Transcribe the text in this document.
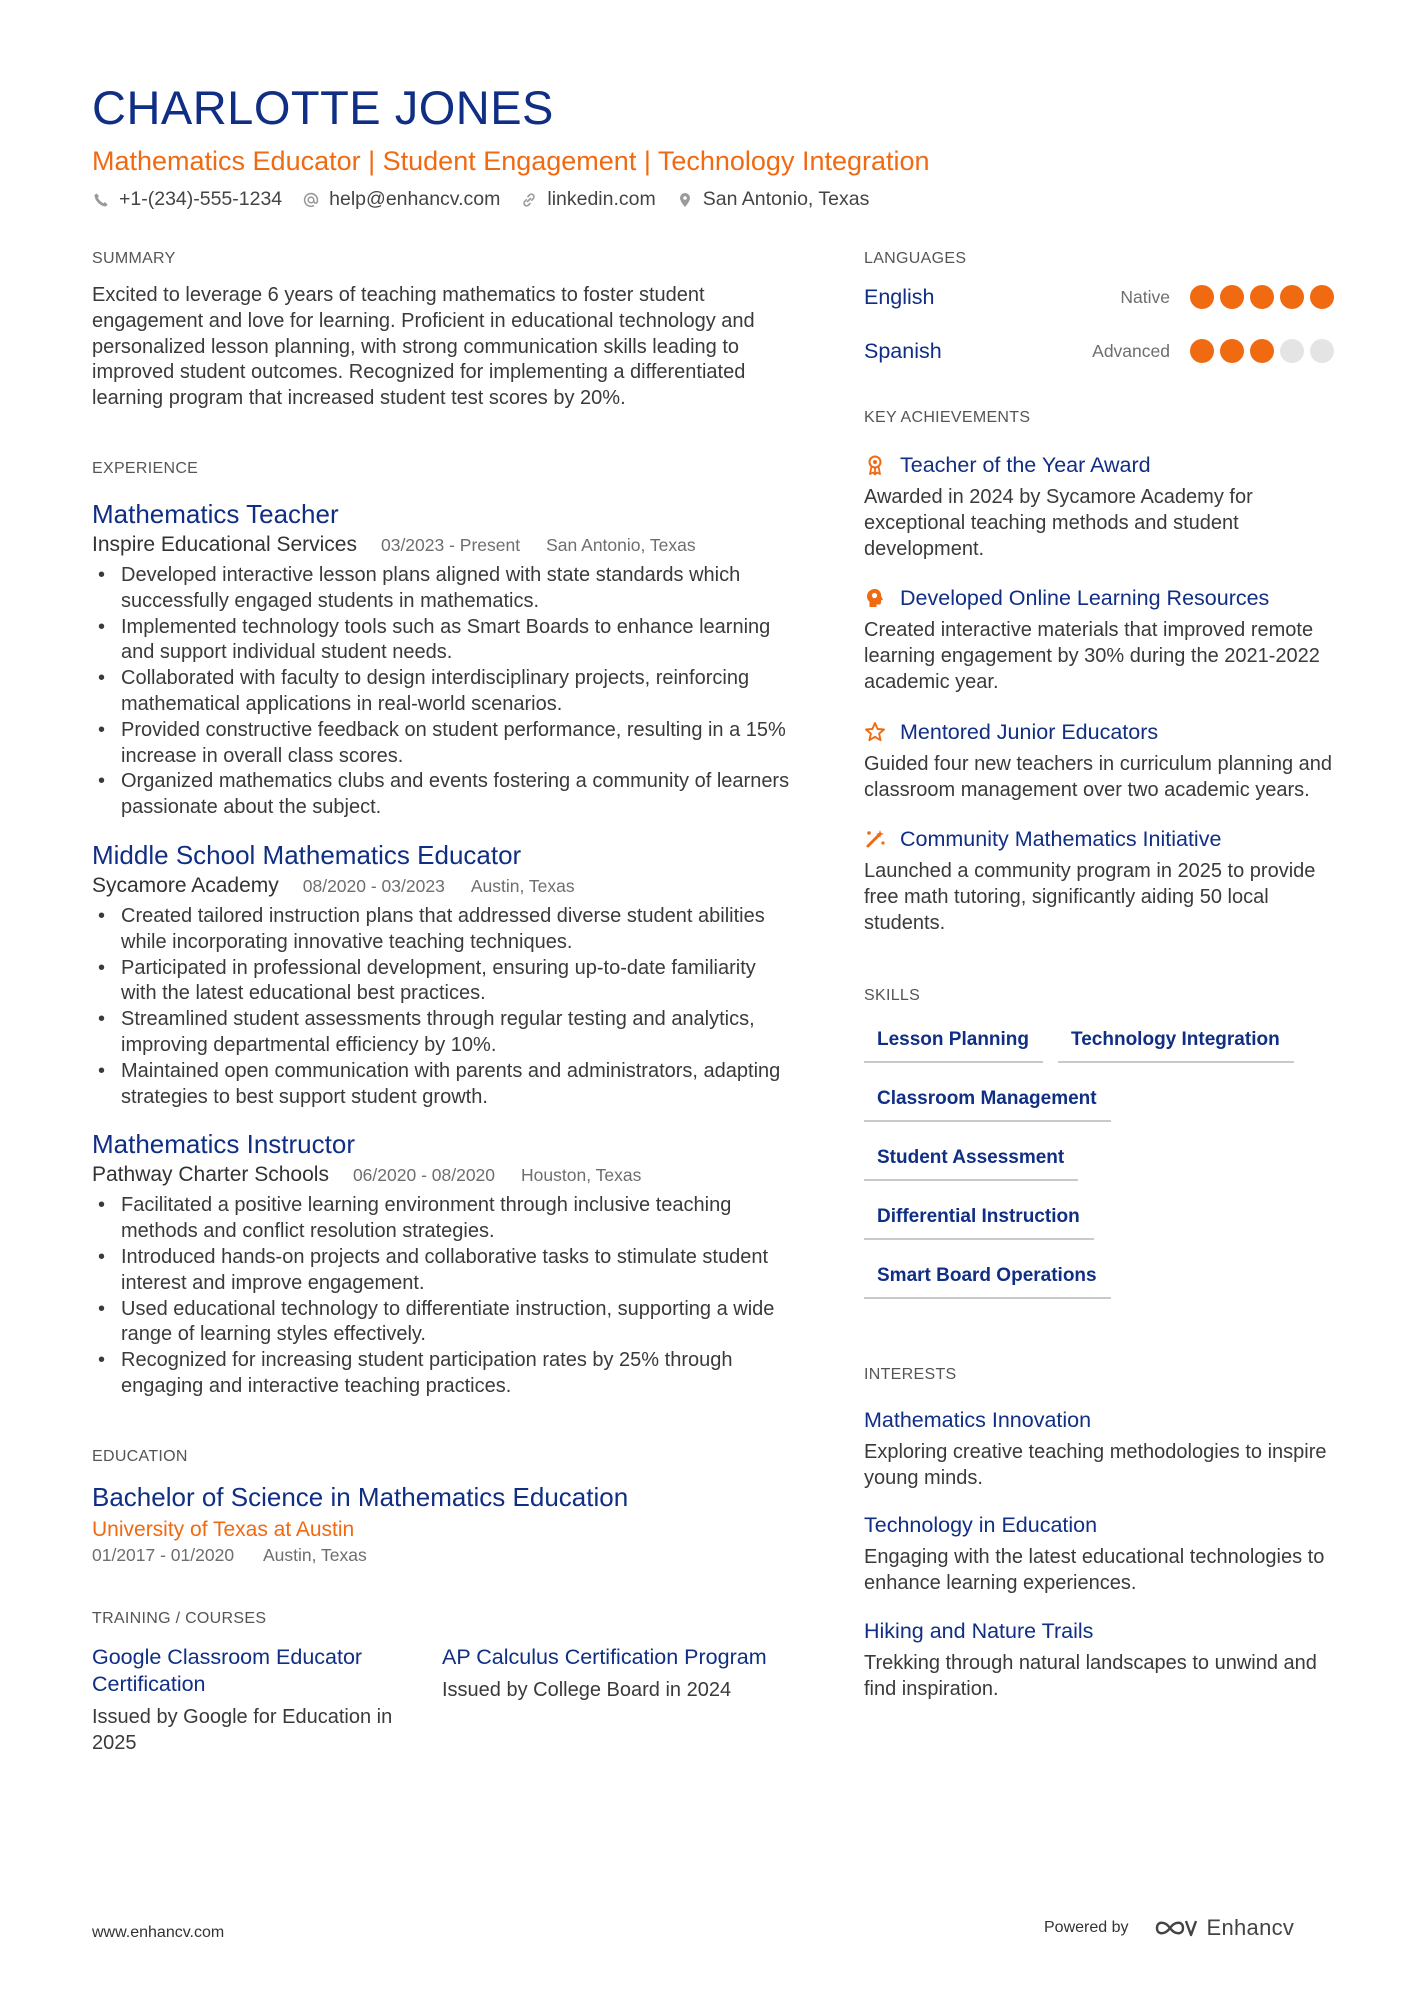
CHARLOTTE JONES
Mathematics Educator | Student Engagement | Technology Integration
+1-(234)-555-1234 help@enhancv.com linkedin.com San Antonio, Texas
SUMMARY

Excited to leverage 6 years of teaching mathematics to foster student engagement and love for learning. Proficient in educational technology and personalized lesson planning, with strong communication skills leading to improved student outcomes. Recognized for implementing a differentiated learning program that increased student test scores by 20%.

EXPERIENCE
Mathematics Teacher
Inspire Educational Services 03/2023 - Present San Antonio, Texas
• Developed interactive lesson plans aligned with state standards which successfully engaged students in mathematics.
• Implemented technology tools such as Smart Boards to enhance learning and support individual student needs.
• Collaborated with faculty to design interdisciplinary projects, reinforcing mathematical applications in real-world scenarios.
• Provided constructive feedback on student performance, resulting in a 15% increase in overall class scores.
• Organized mathematics clubs and events fostering a community of learners passionate about the subject.
Middle School Mathematics Educator
Sycamore Academy 08/2020 - 03/2023 Austin, Texas
• Created tailored instruction plans that addressed diverse student abilities while incorporating innovative teaching techniques.
• Participated in professional development, ensuring up-to-date familiarity with the latest educational best practices.
• Streamlined student assessments through regular testing and analytics, improving departmental efficiency by 10%.
• Maintained open communication with parents and administrators, adapting strategies to best support student growth.
Mathematics Instructor
Pathway Charter Schools 06/2020 - 08/2020 Houston, Texas
• Facilitated a positive learning environment through inclusive teaching methods and conflict resolution strategies.
• Introduced hands-on projects and collaborative tasks to stimulate student interest and improve engagement.
• Used educational technology to differentiate instruction, supporting a wide range of learning styles effectively.
• Recognized for increasing student participation rates by 25% through engaging and interactive teaching practices.
EDUCATION
Bachelor of Science in Mathematics Education
University of Texas at Austin
01/2017 - 01/2020 Austin, Texas
TRAINING / COURSES
Google Classroom Educator Certification
Issued by Google for Education in 2025
AP Calculus Certification Program
Issued by College Board in 2024
LANGUAGES
English	Native
Spanish	Advanced
KEY ACHIEVEMENTS
Teacher of the Year Award

Awarded in 2024 by Sycamore Academy for exceptional teaching methods and student development.

Developed Online Learning Resources

Created interactive materials that improved remote learning engagement by 30% during the 2021-2022 academic year.

Mentored Junior Educators

Guided four new teachers in curriculum planning and classroom management over two academic years.

Community Mathematics Initiative

Launched a community program in 2025 to provide free math tutoring, significantly aiding 50 local students.

SKILLS
Lesson Planning	Technology Integration
Classroom Management
Student Assessment
Differential Instruction
Smart Board Operations
INTERESTS
Mathematics Innovation

Exploring creative teaching methodologies to inspire young minds.

Technology in Education

Engaging with the latest educational technologies to enhance learning experiences.

Hiking and Nature Trails

Trekking through natural landscapes to unwind and find inspiration.

www.enhancv.com	Powered by	Enhancv
